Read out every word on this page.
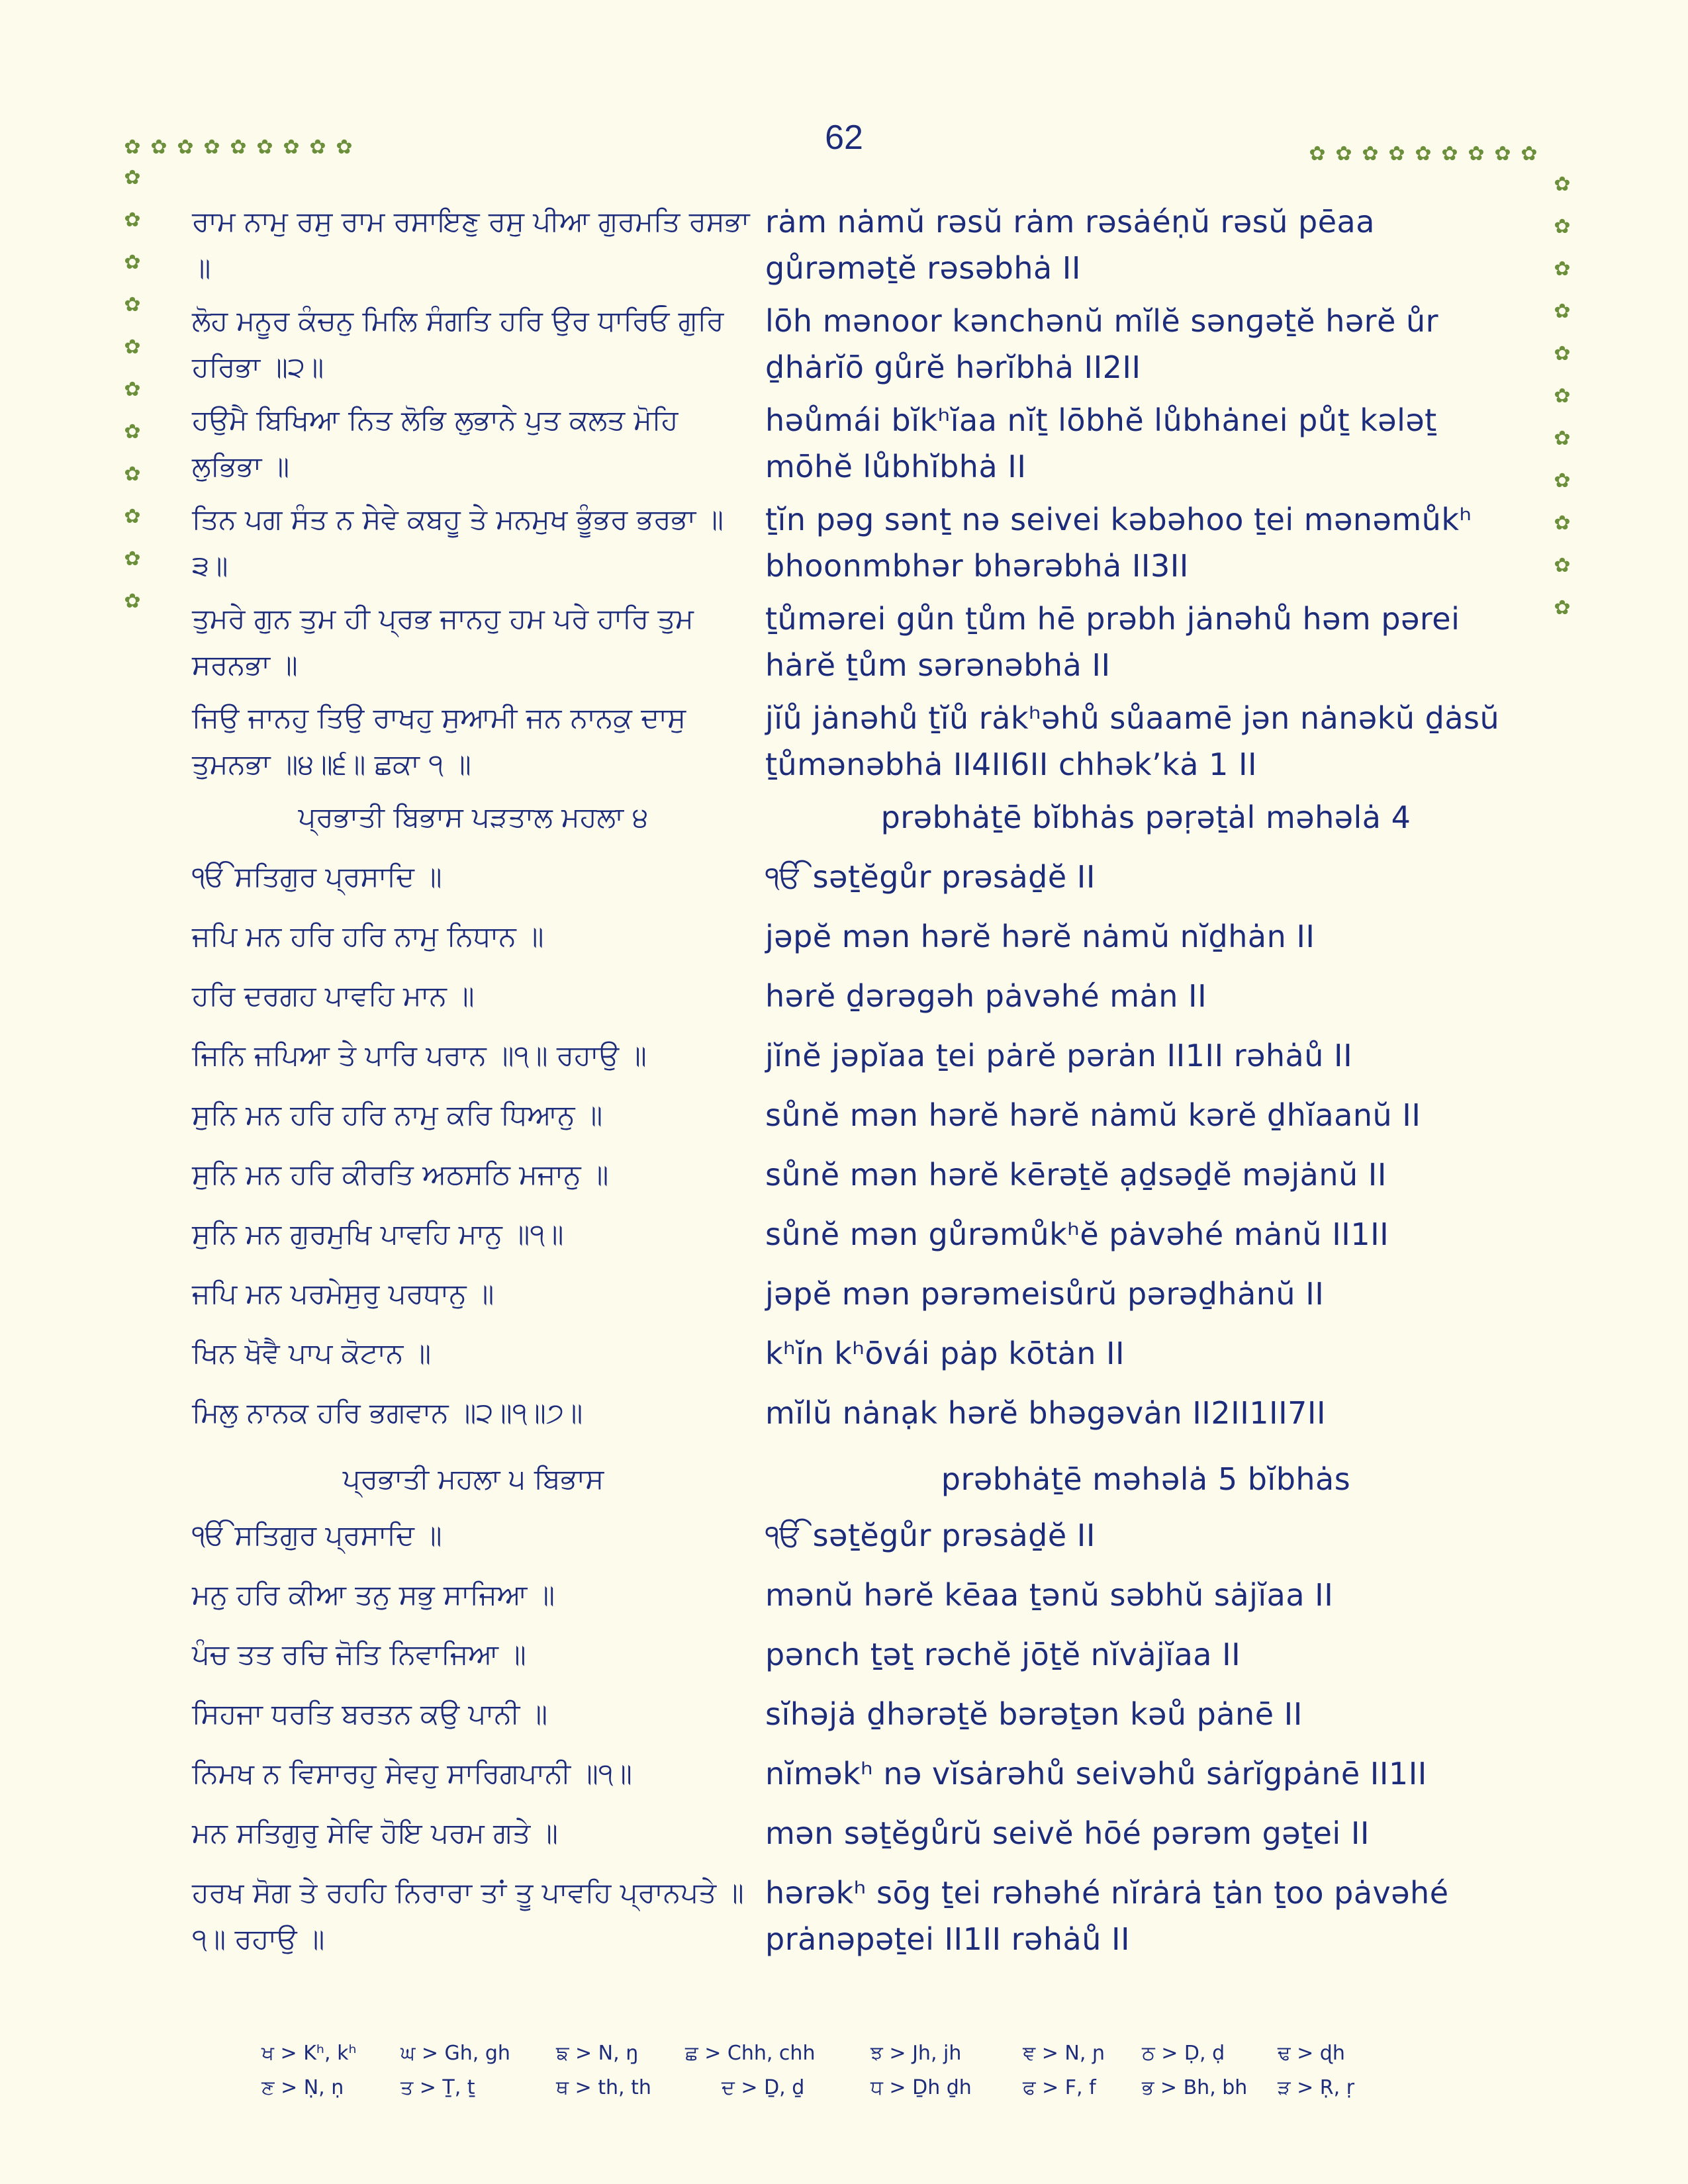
62
✿ ✿ ✿ ✿ ✿ ✿ ✿ ✿ ✿
✿
✿
✿
✿
✿
✿
✿
✿
✿
✿
✿
✿ ✿ ✿ ✿ ✿ ✿ ✿ ✿ ✿
✿
✿
✿
✿
✿
✿
✿
✿
✿
✿
✿
ਰਾਮ ਨਾਮੁ ਰਸੁ ਰਾਮ ਰਸਾਇਣੁ ਰਸੁ ਪੀਆ ਗੁਰਮਤਿ ਰਸਭਾ ॥
rȧm nȧmŭ rəsŭ rȧm rəsȧéṇŭ rəsŭ pēaa gůrəməṯĕ rəsəbhȧ II
ਲੋਹ ਮਨੂਰ ਕੰਚਨੁ ਮਿਲਿ ਸੰਗਤਿ ਹਰਿ ਉਰ ਧਾਰਿਓ ਗੁਰਿ ਹਰਿਭਾ ॥੨॥
lōh mənoor kənchənŭ mĭlĕ sənɡəṯĕ hərĕ ůr ḏhȧrĭō gůrĕ hərĭbhȧ II2II
ਹਉਮੈ ਬਿਖਿਆ ਨਿਤ ਲੋਭਿ ਲੁਭਾਨੇ ਪੁਤ ਕਲਤ ਮੋਹਿ ਲੁਭਿਭਾ ॥
həůmái bĭkʰĭaa nĭṯ lōbhĕ lůbhȧnei půṯ kələṯ mōhĕ lůbhĭbhȧ II
ਤਿਨ ਪਗ ਸੰਤ ਨ ਸੇਵੇ ਕਬਹੂ ਤੇ ਮਨਮੁਖ ਭੂੰਭਰ ਭਰਭਾ ॥੩॥
ṯĭn pəg sənṯ nə seivei kəbəhoo ṯei mənəmůkʰ bhoonmbhər bhərəbhȧ II3II
ਤੁਮਰੇ ਗੁਨ ਤੁਮ ਹੀ ਪ੍ਰਭ ਜਾਨਹੁ ਹਮ ਪਰੇ ਹਾਰਿ ਤੁਮ ਸਰਨਭਾ ॥
ṯůmərei gůn ṯům hē prəbh jȧnəhů həm pərei hȧrĕ ṯům sərənəbhȧ II
ਜਿਉ ਜਾਨਹੁ ਤਿਉ ਰਾਖਹੁ ਸੁਆਮੀ ਜਨ ਨਾਨਕੁ ਦਾਸੁ ਤੁਮਨਭਾ ॥੪॥੬॥ ਛਕਾ ੧ ॥
jĭů jȧnəhů ṯĭů rȧkʰəhů sůaamē jən nȧnəkŭ ḏȧsŭ ṯůmənəbhȧ II4II6II chhək’kȧ 1 II
ਪ੍ਰਭਾਤੀ ਬਿਭਾਸ ਪੜਤਾਲ ਮਹਲਾ ੪	prəbhȧṯē bĭbhȧs pəṛəṯȧl məhəlȧ 4
ੴ ਸਤਿਗੁਰ ਪ੍ਰਸਾਦਿ ॥	ੴ səṯĕgůr prəsȧḏĕ II
ਜਪਿ ਮਨ ਹਰਿ ਹਰਿ ਨਾਮੁ ਨਿਧਾਨ ॥	jəpĕ mən hərĕ hərĕ nȧmŭ nĭḏhȧn II
ਹਰਿ ਦਰਗਹ ਪਾਵਹਿ ਮਾਨ ॥	hərĕ ḏərəgəh pȧvəhé mȧn II
ਜਿਨਿ ਜਪਿਆ ਤੇ ਪਾਰਿ ਪਰਾਨ ॥੧॥ ਰਹਾਉ ॥	jĭnĕ jəpĭaa ṯei pȧrĕ pərȧn II1II rəhȧů II
ਸੁਨਿ ਮਨ ਹਰਿ ਹਰਿ ਨਾਮੁ ਕਰਿ ਧਿਆਨੁ ॥	sůnĕ mən hərĕ hərĕ nȧmŭ kərĕ ḏhĭaanŭ II
ਸੁਨਿ ਮਨ ਹਰਿ ਕੀਰਤਿ ਅਠਸਠਿ ਮਜਾਨੁ ॥	sůnĕ mən hərĕ kērəṯĕ ạḏsəḏĕ məjȧnŭ II
ਸੁਨਿ ਮਨ ਗੁਰਮੁਖਿ ਪਾਵਹਿ ਮਾਨੁ ॥੧॥	sůnĕ mən gůrəmůkʰĕ pȧvəhé mȧnŭ II1II
ਜਪਿ ਮਨ ਪਰਮੇਸੁਰੁ ਪਰਧਾਨੁ ॥	jəpĕ mən pərəmeisůrŭ pərəḏhȧnŭ II
ਖਿਨ ਖੋਵੈ ਪਾਪ ਕੋਟਾਨ ॥	kʰĭn kʰōvái pȧp kōtȧn II
ਮਿਲੁ ਨਾਨਕ ਹਰਿ ਭਗਵਾਨ ॥੨॥੧॥੭॥	mĭlŭ nȧnạk hərĕ bhəgəvȧn II2II1II7II
ਪ੍ਰਭਾਤੀ ਮਹਲਾ ੫ ਬਿਭਾਸ	prəbhȧṯē məhəlȧ 5 bĭbhȧs
ੴ ਸਤਿਗੁਰ ਪ੍ਰਸਾਦਿ ॥	ੴ səṯĕgůr prəsȧḏĕ II
ਮਨੁ ਹਰਿ ਕੀਆ ਤਨੁ ਸਭੁ ਸਾਜਿਆ ॥	mənŭ hərĕ kēaa ṯənŭ səbhŭ sȧjĭaa II
ਪੰਚ ਤਤ ਰਚਿ ਜੋਤਿ ਨਿਵਾਜਿਆ ॥	pənch ṯəṯ rəchĕ jōṯĕ nĭvȧjĭaa II
ਸਿਹਜਾ ਧਰਤਿ ਬਰਤਨ ਕਉ ਪਾਨੀ ॥	sĭhəjȧ ḏhərəṯĕ bərəṯən kəů pȧnē II
ਨਿਮਖ ਨ ਵਿਸਾਰਹੁ ਸੇਵਹੁ ਸਾਰਿਗਪਾਨੀ ॥੧॥	nĭməkʰ nə vĭsȧrəhů seivəhů sȧrĭgpȧnē II1II
ਮਨ ਸਤਿਗੁਰੁ ਸੇਵਿ ਹੋਇ ਪਰਮ ਗਤੇ ॥	mən səṯĕgůrŭ seivĕ hōé pərəm gəṯei II
ਹਰਖ ਸੋਗ ਤੇ ਰਹਹਿ ਨਿਰਾਰਾ ਤਾਂ ਤੂ ਪਾਵਹਿ ਪ੍ਰਾਨਪਤੇ ॥੧॥ ਰਹਾਉ ॥
hərəkʰ sōg ṯei rəhəhé nĭrȧrȧ ṯȧn ṯoo pȧvəhé prȧnəpəṯei II1II rəhȧů II
ਖ > Kʰ, kʰ ਘ > Gh, gh ਙ > N, ŋ ਛ > Chh, chh	ਝ > Jh, jh	ਞ > N, ɲ ਠ > Ḍ, ḍ	ਢ > ɖh
ਣ > Ṇ, ṇ	ਤ > Ṯ, ṯ	ਥ > th, th	ਦ > Ḏ, ḏ	ਧ > Ḏh ḏh	ਫ > F, f ਭ > Bh, bh ੜ > Ṛ, ṛ
